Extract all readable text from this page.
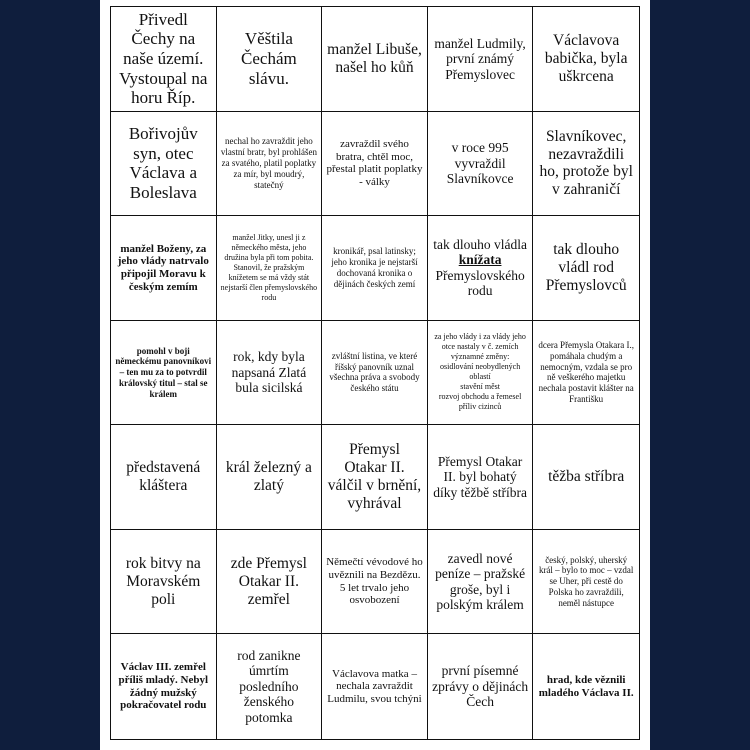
Přivedl Čechy na naše území. Vystoupal na horu Říp.
Věštila Čechám slávu.
manžel Libuše, našel ho kůň
manžel Ludmily, první známý Přemyslovec
Václavova babička, byla uškrcena
Bořivojův syn, otec Václava a Boleslava
nechal ho zavraždit jeho vlastní bratr, byl prohlášen za svatého, platil poplatky za mír, byl moudrý, statečný
zavraždil svého bratra, chtěl moc, přestal platit poplatky - války
v roce 995 vyvraždil Slavníkovce
Slavníkovec, nezavraždili ho, protože byl v zahraničí
manžel Boženy, za jeho vlády natrvalo připojil Moravu k českým zemím
manžel Jitky, unesl ji z německého města, jeho družina byla při tom pobita. Stanovil, že pražským knížetem se má vždy stát nejstarší člen přemyslovského rodu
kronikář, psal latinsky; jeho kronika je nejstarší dochovaná kronika o dějinách českých zemí
tak dlouho vládla knížata Přemyslovského rodu
tak dlouho vládl rod Přemyslovců
pomohl v boji německému panovníkovi – ten mu za to potvrdil královský titul – stal se králem
rok, kdy byla napsaná Zlatá bula sicilská
zvláštní listina, ve které říšský panovník uznal všechna práva a svobody českého státu
za jeho vlády i za vlády jeho otce nastaly v č. zemích významné změny:
osidlování neobydlených oblastí
stavění měst
rozvoj obchodu a řemesel
příliv cizinců
dcera Přemysla Otakara I., pomáhala chudým a nemocným, vzdala se pro ně veškerého majetku nechala postavit klášter na Františku
představená kláštera
král železný a zlatý
Přemysl Otakar II. válčil v brnění, vyhrával
Přemysl Otakar II. byl bohatý díky těžbě stříbra
těžba stříbra
rok bitvy na Moravském poli
zde Přemysl Otakar II. zemřel
Němečtí vévodové ho uvěznili na Bezdězu. 5 let trvalo jeho osvobození
zavedl nové peníze – pražské groše, byl i polským králem
český, polský, uherský král – bylo to moc – vzdal se Uher, při cestě do Polska ho zavraždili, neměl nástupce
Václav III. zemřel příliš mladý. Nebyl žádný mužský pokračovatel rodu
rod zanikne úmrtím posledního ženského potomka
Václavova matka – nechala zavraždit Ludmilu, svou tchýni
první písemné zprávy o dějinách Čech
hrad, kde věznili mladého Václava II.
